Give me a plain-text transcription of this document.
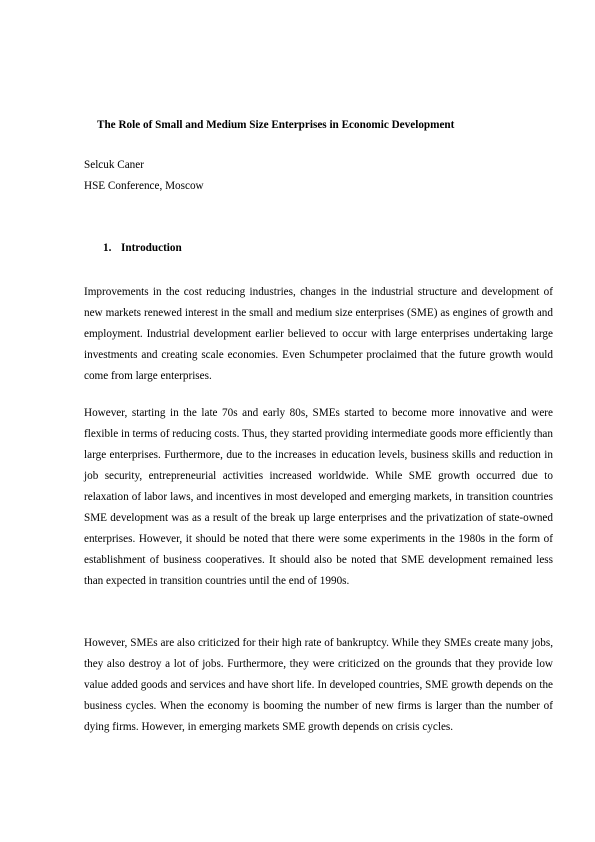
The Role of Small and Medium Size Enterprises in Economic Development
Selcuk Caner
HSE Conference, Moscow
1. Introduction

Improvements in the cost reducing industries, changes in the industrial structure and development of new markets renewed interest in the small and medium size enterprises (SME) as engines of growth and employment. Industrial development earlier believed to occur with large enterprises undertaking large investments and creating scale economies. Even Schumpeter proclaimed that the future growth would come from large enterprises.

However, starting in the late 70s and early 80s, SMEs started to become more innovative and were flexible in terms of reducing costs. Thus, they started providing intermediate goods more efficiently than large enterprises. Furthermore, due to the increases in education levels, business skills and reduction in job security, entrepreneurial activities increased worldwide. While SME growth occurred due to relaxation of labor laws, and incentives in most developed and emerging markets, in transition countries SME development was as a result of the break up large enterprises and the privatization of state-owned enterprises. However, it should be noted that there were some experiments in the 1980s in the form of establishment of business cooperatives. It should also be noted that SME development remained less than expected in transition countries until the end of 1990s.

However, SMEs are also criticized for their high rate of bankruptcy. While they SMEs create many jobs, they also destroy a lot of jobs. Furthermore, they were criticized on the grounds that they provide low value added goods and services and have short life. In developed countries, SME growth depends on the business cycles. When the economy is booming the number of new firms is larger than the number of dying firms. However, in emerging markets SME growth depends on crisis cycles.
